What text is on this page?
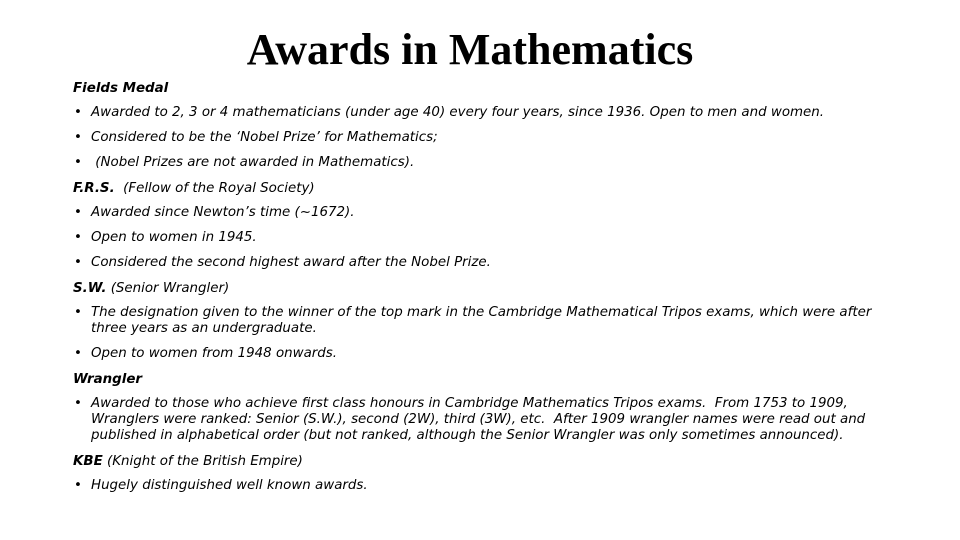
Awards in Mathematics
Fields Medal
• Awarded to 2, 3 or 4 mathematicians (under age 40) every four years, since 1936. Open to men and women.
• Considered to be the ‘Nobel Prize’ for Mathematics;
•  (Nobel Prizes are not awarded in Mathematics).
F.R.S.  (Fellow of the Royal Society)
• Awarded since Newton’s time (~1672).
• Open to women in 1945.
• Considered the second highest award after the Nobel Prize.
S.W. (Senior Wrangler)
• The designation given to the winner of the top mark in the Cambridge Mathematical Tripos exams, which were after three years as an undergraduate.
• Open to women from 1948 onwards.
Wrangler
• Awarded to those who achieve first class honours in Cambridge Mathematics Tripos exams.  From 1753 to 1909, Wranglers were ranked: Senior (S.W.), second (2W), third (3W), etc.  After 1909 wrangler names were read out and published in alphabetical order (but not ranked, although the Senior Wrangler was only sometimes announced).
KBE (Knight of the British Empire)
• Hugely distinguished well known awards.
